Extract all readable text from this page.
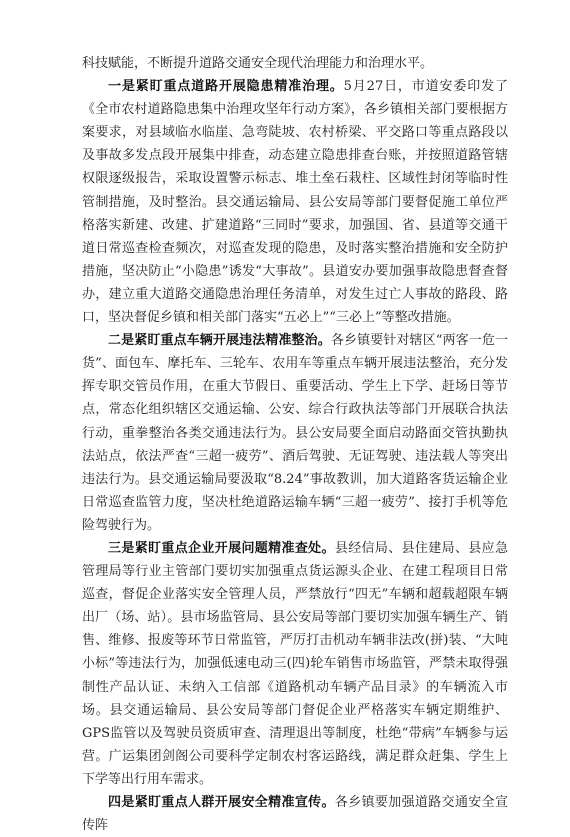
科技赋能，不断提升道路交通安全现代治理能力和治理水平。

一是紧盯重点道路开展隐患精准治理。5月27日，市道安委印发了《全市农村道路隐患集中治理攻坚年行动方案》，各乡镇相关部门要根据方案要求，对县域临水临崖、急弯陡坡、农村桥梁、平交路口等重点路段以及事故多发点段开展集中排查，动态建立隐患排查台账，并按照道路管辖权限逐级报告，采取设置警示标志、堆土垒石栽柱、区域性封闭等临时性管制措施，及时整治。县交通运输局、县公安局等部门要督促施工单位严格落实新建、改建、扩建道路“三同时”要求，加强国、省、县道等交通干道日常巡查检查频次，对巡查发现的隐患，及时落实整治措施和安全防护措施，坚决防止“小隐患”诱发“大事故”。县道安办要加强事故隐患督查督办，建立重大道路交通隐患治理任务清单，对发生过亡人事故的路段、路口，坚决督促乡镇和相关部门落实“五必上”“三必上”等整改措施。

二是紧盯重点车辆开展违法精准整治。各乡镇要针对辖区“两客一危一货”、面包车、摩托车、三轮车、农用车等重点车辆开展违法整治，充分发挥专职交管员作用，在重大节假日、重要活动、学生上下学、赶场日等节点，常态化组织辖区交通运输、公安、综合行政执法等部门开展联合执法行动，重拳整治各类交通违法行为。县公安局要全面启动路面交管执勤执法站点，依法严查“三超一疲劳”、酒后驾驶、无证驾驶、违法载人等突出违法行为。县交通运输局要汲取“8.24”事故教训，加大道路客货运输企业日常巡查监管力度，坚决杜绝道路运输车辆“三超一疲劳”、接打手机等危险驾驶行为。

三是紧盯重点企业开展问题精准查处。县经信局、县住建局、县应急管理局等行业主管部门要切实加强重点货运源头企业、在建工程项目日常巡查，督促企业落实安全管理人员，严禁放行“四无”车辆和超载超限车辆出厂（场、站）。县市场监管局、县公安局等部门要切实加强车辆生产、销售、维修、报废等环节日常监管，严厉打击机动车辆非法改(拼)装、“大吨小标”等违法行为，加强低速电动三(四)轮车销售市场监管，严禁未取得强制性产品认证、未纳入工信部《道路机动车辆产品目录》的车辆流入市场。县交通运输局、县公安局等部门督促企业严格落实车辆定期维护、GPS监管以及驾驶员资质审查、清理退出等制度，杜绝“带病”车辆参与运营。广运集团剑阁公司要科学定制农村客运路线，满足群众赶集、学生上下学等出行用车需求。

四是紧盯重点人群开展安全精准宣传。各乡镇要加强道路交通安全宣传阵
